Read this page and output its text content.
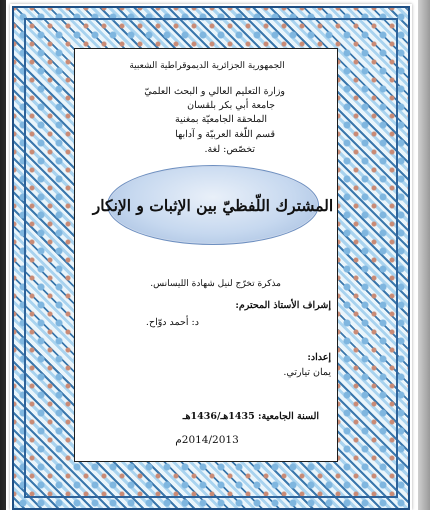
الجمهورية الجزائرية الديموقراطية الشعبية
وزارة التعليم العالي و البحث العلميّ
جامعة أبي بكر بلقسان
الملحقة الجامعيّة بمغنية
قسم اللّغة العربيّة و آدابها
تخصّص: لغة.
المشترك اللّفظيّ بين الإثبات و الإنكار
مذكرة تخرّج لنيل شهادة الليسانس.
إشراف الأستاذ المحترم:
د: أحمد دوّاح.
إعداد:
يمان تيارتي.
السنة الجامعية: 1435هـ/1436هـ
2014/2013م
